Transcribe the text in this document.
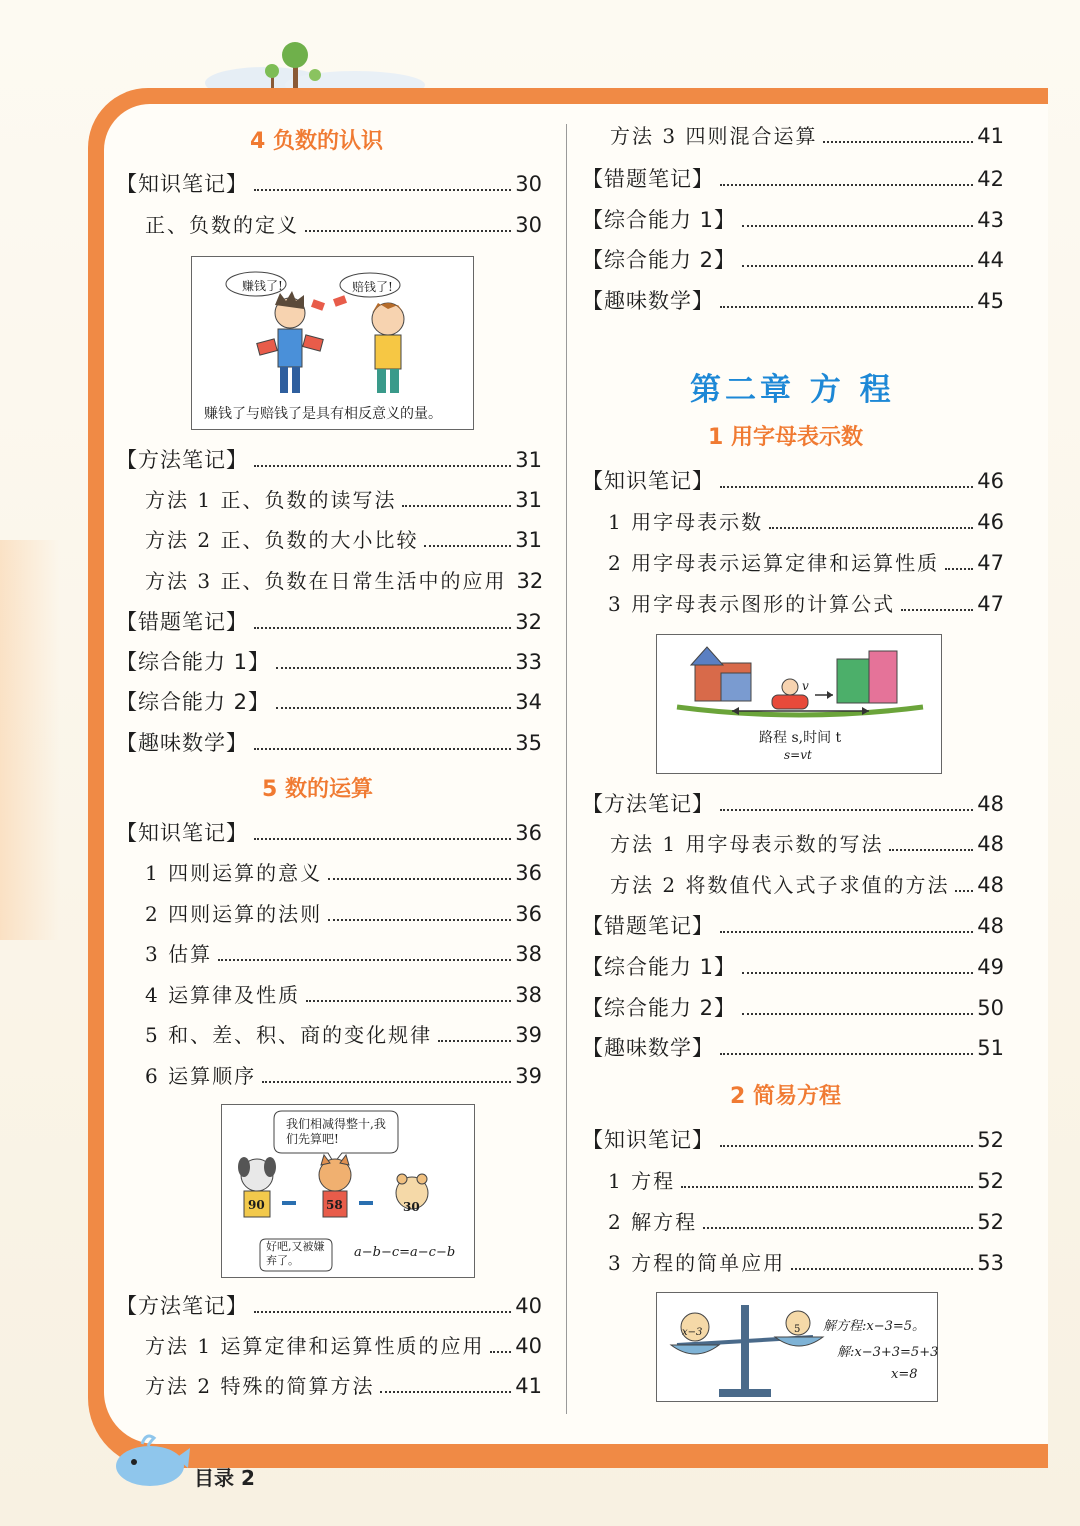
4 负数的认识
【知识笔记】	30
正、负数的定义	30
赚钱了!	赔钱了!
赚钱了与赔钱了是具有相反意义的量。
【方法笔记】	31
方法 1 正、负数的读写法	31
方法 2 正、负数的大小比较	31
方法 3 正、负数在日常生活中的应用 32
【错题笔记】	32
【综合能力 1】	33
【综合能力 2】	34
【趣味数学】	35
5 数的运算
【知识笔记】	36
1 四则运算的意义	36
2 四则运算的法则	36
3 估算	38
4 运算律及性质	38
5 和、差、积、商的变化规律	39
6 运算顺序	39
我们相减得整十,我们先算吧!
90	58	30
好吧,又被嫌弃了。
a−b−c=a−c−b
【方法笔记】	40
方法 1 运算定律和运算性质的应用 40
方法 2 特殊的简算方法	41
方法 3 四则混合运算	41
【错题笔记】	42
【综合能力 1】	43
【综合能力 2】	44
【趣味数学】	45
第二章 方 程
1 用字母表示数
【知识笔记】	46
1 用字母表示数	46
2 用字母表示运算定律和运算性质 47
3 用字母表示图形的计算公式	47
v
路程 s,时间 t
s=vt
【方法笔记】	48
方法 1 用字母表示数的写法	48
方法 2 将数值代入式子求值的方法 48
【错题笔记】	48
【综合能力 1】	49
【综合能力 2】	50
【趣味数学】	51
2 简易方程
【知识笔记】	52
1 方程	52
2 解方程	52
3 方程的简单应用	53
x−3	5 解方程:x−3=5。
解:x−3+3=5+3
x=8
目录 2
